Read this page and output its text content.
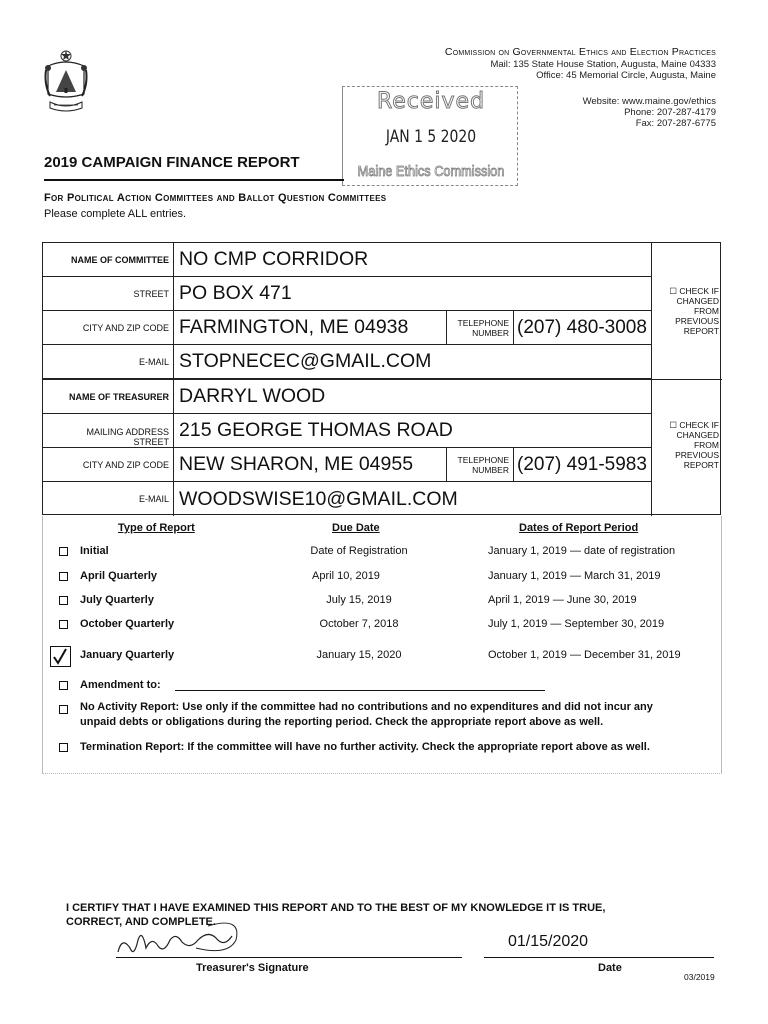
Commission on Governmental Ethics and Election Practices
Mail: 135 State House Station, Augusta, Maine 04333
Office: 45 Memorial Circle, Augusta, Maine
Website: www.maine.gov/ethics
Phone: 207-287-4179
Fax: 207-287-6775
Received
JAN 1 5 2020
Maine Ethics Commission
2019 CAMPAIGN FINANCE REPORT
For Political Action Committees and Ballot Question Committees
Please complete ALL entries.
NAME OF COMMITTEE NO CMP CORRIDOR
STREET PO BOX 471
CITY AND ZIP CODE FARMINGTON, ME 04938	TELEPHONE
NUMBER (207) 480-3008
E-MAIL STOPNECEC@GMAIL.COM
NAME OF TREASURER DARRYL WOOD
MAILING ADDRESS
STREET
215 GEORGE THOMAS ROAD
CITY AND ZIP CODE NEW SHARON, ME 04955	TELEPHONE
NUMBER (207) 491-5983
E-MAIL WOODSWISE10@GMAIL.COM
☐ CHECK IF
CHANGED
FROM
PREVIOUS
REPORT
☐ CHECK IF
CHANGED
FROM
PREVIOUS
REPORT
Type of Report	Due Date	Dates of Report Period
Initial	Date of Registration	January 1, 2019 — date of registration
April Quarterly	April 10, 2019	January 1, 2019 — March 31, 2019
July Quarterly	July 15, 2019	April 1, 2019 — June 30, 2019
October Quarterly	October 7, 2018	July 1, 2019 — September 30, 2019
January Quarterly	January 15, 2020	October 1, 2019 — December 31, 2019
Amendment to:
No Activity Report: Use only if the committee had no contributions and no expenditures and did not incur any
unpaid debts or obligations during the reporting period. Check the appropriate report above as well.
Termination Report: If the committee will have no further activity. Check the appropriate report above as well.
I CERTIFY THAT I HAVE EXAMINED THIS REPORT AND TO THE BEST OF MY KNOWLEDGE IT IS TRUE,
CORRECT, AND COMPLETE.
01/15/2020
Treasurer's Signature	Date
03/2019
